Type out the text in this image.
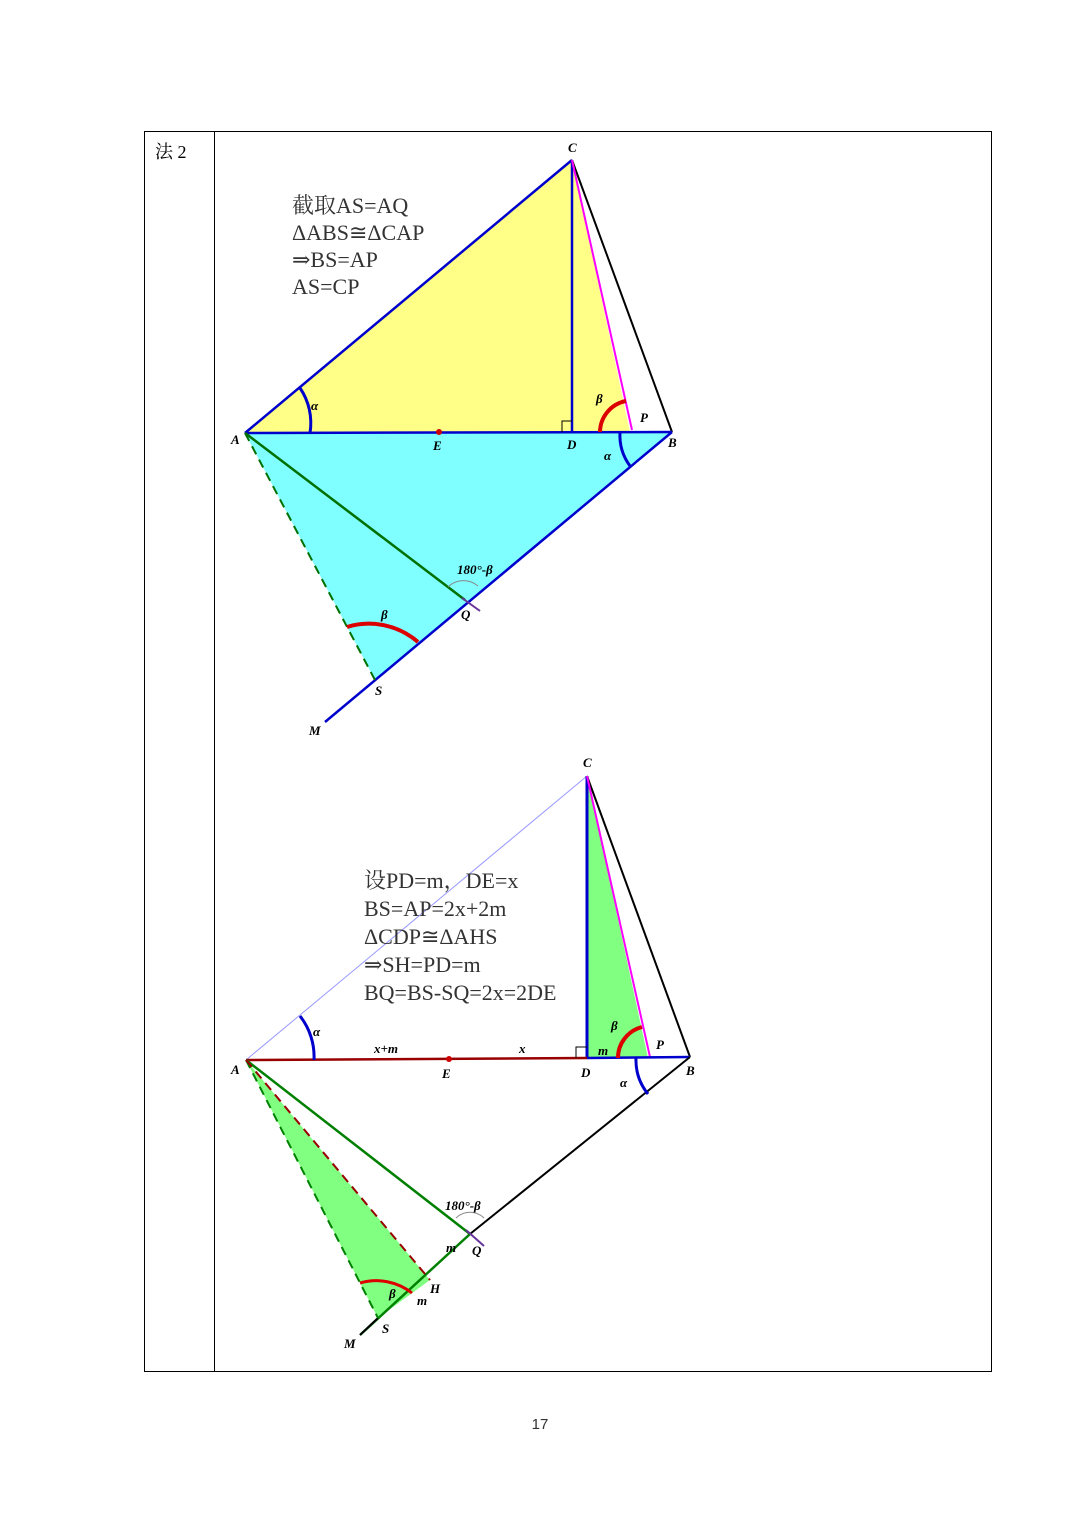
法 2	C
A	E	D
P
B
Q
S
M
α
α
β
β
180°-β
截取AS=AQ
ΔABS≅ΔCAP
⇒BS=AP
AS=CP
C
A	E	D
P
B
Q
H
S
M
x+m	x	m
m
m
α
α
β
β
180°-β
设PD=m，DE=x
BS=AP=2x+2m
ΔCDP≅ΔAHS
⇒SH=PD=m
BQ=BS-SQ=2x=2DE
17
